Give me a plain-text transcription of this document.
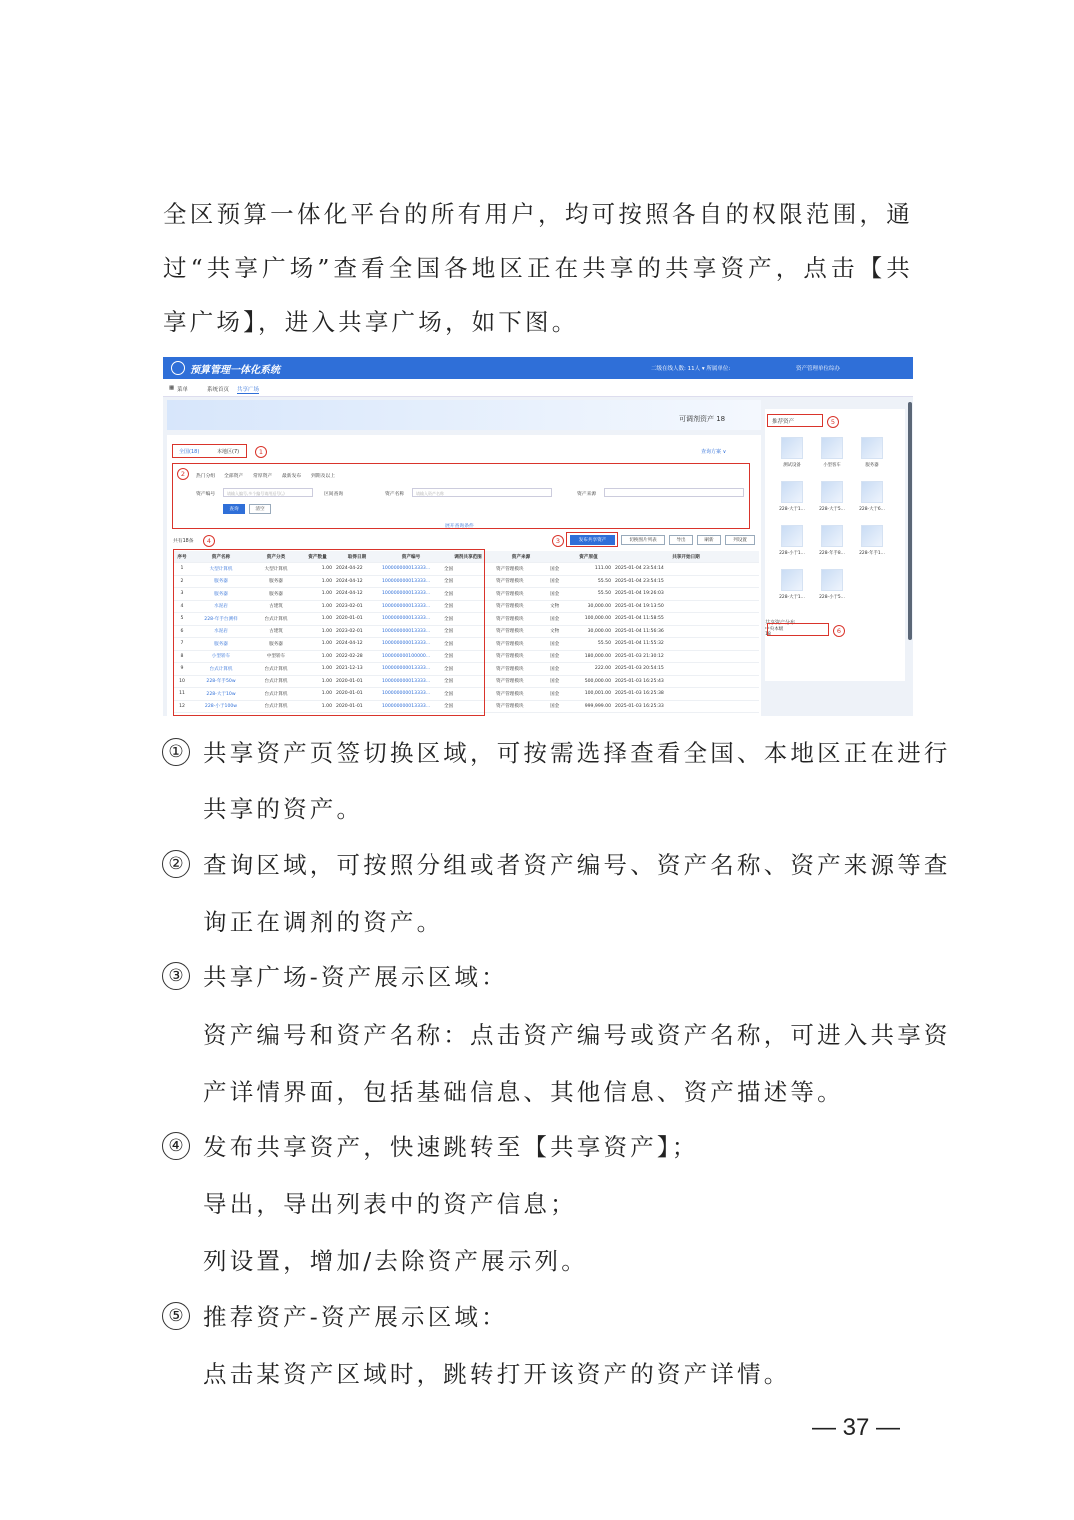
全区预算一体化平台的所有用户，均可按照各自的权限范围，通过“共享广场”查看全国各地区正在共享的共享资产，点击【共享广场】，进入共享广场，如下图。
预算管理一体化系统	二级在线人数: 11人 ▾ 所属单位:	资产管理单位综办
▦ 菜单	系统首页 共享广场
可调剂资产 18
全国(18)	本地区(7)	查询方案 ∨
1
2	热门分组 全部资产 常厚资产 最新发布 到期及以上
资产编号	区间查询	资产名称	资产来源
展开查询条件
请输入编号,多个编号请用逗号(,)	请输入资产名称
查询	清空
共有18条	4	3	发布共享资产	切换图片列表	导出	刷新	列设置
序号	资产名称	资产分类	资产数量	取得日期	资产编号	调剂共享范围	资产来源		资产原值	共享开始日期
1	大型计算机	大型计算机	1.00	2024-04-22	100000000013333...	全国	资产管理模块	国金	111.00	2025-01-04 23:54:14
2	服务器	服务器	1.00	2024-04-12	100000000013333...	全国	资产管理模块	国金	55.50	2025-01-04 23:54:15
3	服务器	服务器	1.00	2024-04-12	100000000013333...	全国	资产管理模块	国金	55.50	2025-01-04 19:26:03
4	水泥岩	古建筑	1.00	2023-02-01	100000000013333...	全国	资产管理模块	文物	30,000.00	2025-01-04 19:13:50
5	228-年手台测样	台式计算机	1.00	2020-01-01	100000000013333...	全国	资产管理模块	国金	100,000.00	2025-01-04 11:58:55
6	水泥岩	古建筑	1.00	2023-02-01	100000000013333...	全国	资产管理模块	文物	30,000.00	2025-01-04 11:56:36
7	服务器	服务器	1.00	2024-04-12	100000000013333...	全国	资产管理模块	国金	55.50	2025-01-04 11:55:32
8	小型轿车	中型轿车	1.00	2022-02-28	100000000100000...	全国	资产管理模块	国金	180,000.00	2025-01-03 21:30:12
9	台式计算机	台式计算机	1.00	2021-12-13	100000000013333...	全国	资产管理模块	国金	222.00	2025-01-03 20:54:15
10	228-年手50w	台式计算机	1.00	2020-01-01	100000000013333...	全国	资产管理模块	国金	500,000.00	2025-01-03 16:25:43
11	228-大于10w	台式计算机	1.00	2020-01-01	100000000013333...	全国	资产管理模块	国金	100,001.00	2025-01-03 16:25:38
12	228-小于100w	台式计算机	1.00	2020-01-01	100000000013333...	全国	资产管理模块	国金	999,999.00	2025-01-03 16:25:33
推荐资产	5
测试设备	小型客车	服务器
228-大于1...	228-大于5...	228-大于6...
228-小于1...	228-年手8...	228-年手1...
228-大于1...	228-小于5...
共享资产分布
6
中央本级
18
① 共享资产页签切换区域，可按需选择查看全国、本地区正在进行
共享的资产。
② 查询区域，可按照分组或者资产编号、资产名称、资产来源等查
询正在调剂的资产。
③ 共享广场-资产展示区域：
资产编号和资产名称：点击资产编号或资产名称，可进入共享资
产详情界面，包括基础信息、其他信息、资产描述等。
④ 发布共享资产，快速跳转至【共享资产】；
导出，导出列表中的资产信息；
列设置，增加/去除资产展示列。
⑤ 推荐资产-资产展示区域：
点击某资产区域时，跳转打开该资产的资产详情。
— 37 —
